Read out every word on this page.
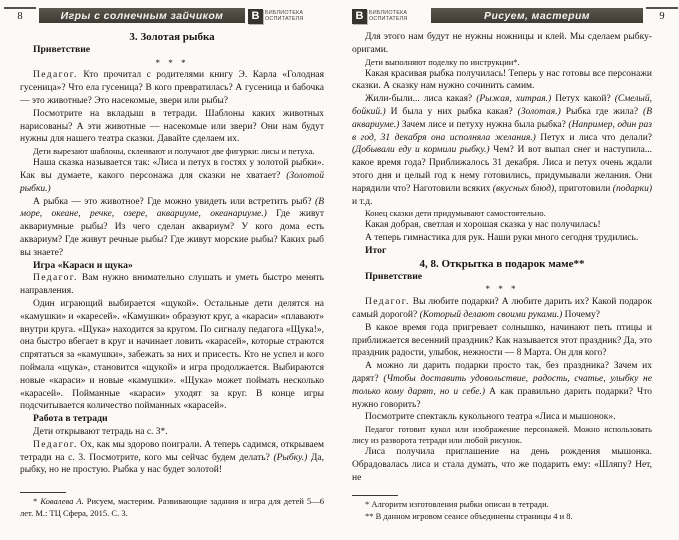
8	Игры с солнечным зайчиком	В	БИБЛИОТЕКА
ОСПИТАТЕЛЯ

3. Золотая рыбка

Приветствие

* * *

Педагог. Кто прочитал с родителями книгу Э. Карла «Голодная гусеница»? Что ела гусеница? В кого превратилась? А гусеница и бабочка — это животные? Это насекомые, звери или рыбы?

Посмотрите на вкладыш в тетради. Шаблоны каких животных нарисованы? А эти животные — насекомые или звери? Они нам будут нужны для нашего театра сказки. Давайте сделаем их.

Дети вырезают шаблоны, склеивают и получают две фигурки: лисы и петуха.

Наша сказка называется так: «Лиса и петух в гостях у золотой рыбки». Как вы думаете, какого персонажа для сказки не хватает? (Золотой рыбки.)

А рыбка — это животное? Где можно увидеть или встретить рыб? (В море, океане, речке, озере, аквариуме, океанариуме.) Где живут аквариумные рыбы? Из чего сделан аквариум? У кого дома есть аквариум? Где живут речные рыбы? Где живут морские рыбы? Каких рыб вы знаете?

Игра «Караси и щука»

Педагог. Вам нужно внимательно слушать и уметь быстро менять направления.

Один играющий выбирается «щукой». Остальные дети делятся на «камушки» и «каресей». «Камушки» образуют круг, а «караси» «плавают» внутри круга. «Щука» находится за кругом. По сигналу педагога «Щука!», она быстро вбегает в круг и начинает ловить «карасей», которые страются спрятаться за «камушки», забежать за них и присесть. Кто не успел и кого поймала «щука», становится «щукой» и игра продолжается. Выбираются новые «караси» и новые «камушки». «Щука» может поймать несколько «карасей». Пойманные «караси» уходят за круг. В конце игры подсчитывается количество пойманных «карасей».

Работа в тетради

Дети открывают тетрадь на с. 3*.

Педагог. Ох, как мы здорово поиграли. А теперь садимся, открываем тетради на с. 3. Посмотрите, кого мы сейчас будем делать? (Рыбку.) Да, рыбку, но не простую. Рыбка у нас будет золотой!

* Ковалева А. Рисуем, мастерим. Развивающие задания и игра для детей 5—6 лет. М.: ТЦ Сфера, 2015. С. 3.

В	БИБЛИОТЕКА
ОСПИТАТЕЛЯ	Рисуем, мастерим	9

Для этого нам будут не нужны ножницы и клей. Мы сделаем рыбку-оригами.

Дети выполняют поделку по инструкции*.

Какая красивая рыбка получилась! Теперь у нас готовы все персонажи сказки. А сказку нам нужно сочинить самим.

Жили-были... лиса какая? (Рыжая, хитрая.) Петух какой? (Смелый, бойкий.) И была у них рыбка какая? (Золотая.) Рыбка где жила? (В аквариуме.) Зачем лисе и петуху нужна была рыбка? (Например, один раз в год, 31 декабря она исполняла желания.) Петух и лиса что делали? (Добывали еду и кормили рыбку.) Чем? И вот выпал снег и наступила... какое время года? Приближалось 31 декабря. Лиса и петух очень ждали этого дня и целый год к нему готовились, придумывали желания. Они нарядили что? Наготовили всяких (вкусных блюд), приготовили (подарки) и т.д.

Конец сказки дети придумывают самостоятельно.

Какая добрая, светлая и хорошая сказка у нас получилась!

А теперь гимнастика для рук. Наши руки много сегодня трудились.

Итог

4, 8. Открытка в подарок маме**

Приветствие

* * *

Педагог. Вы любите подарки? А любите дарить их? Какой подарок самый дорогой? (Который делают своими руками.) Почему?

В какое время года пригревает солнышко, начинают петь птицы и приближается весенний праздник? Как называется этот праздник? Да, это праздник радости, улыбок, нежности — 8 Марта. Он для кого?

А можно ли дарить подарки просто так, без праздника? Зачем их дарят? (Чтобы доставить удовольствие, радость, счатье, улыбку не только кому дарят, но и себе.) А как правильно дарить подарки? Что нужно говорить?

Посмотрите спектакль кукольного театра «Лиса и мышонок».

Педагог готовит кукол или изображение персонажей. Можно использовать лису из разворота тетради или любой рисунок.

Лиса получила приглашение на день рождения мышонка. Обрадовалась лиса и стала думать, что же подарить ему: «Шляпу? Нет, не

* Алгоритм изготовления рыбки описан в тетради.

** В данном игровом сеансе объединены страницы 4 и 8.
